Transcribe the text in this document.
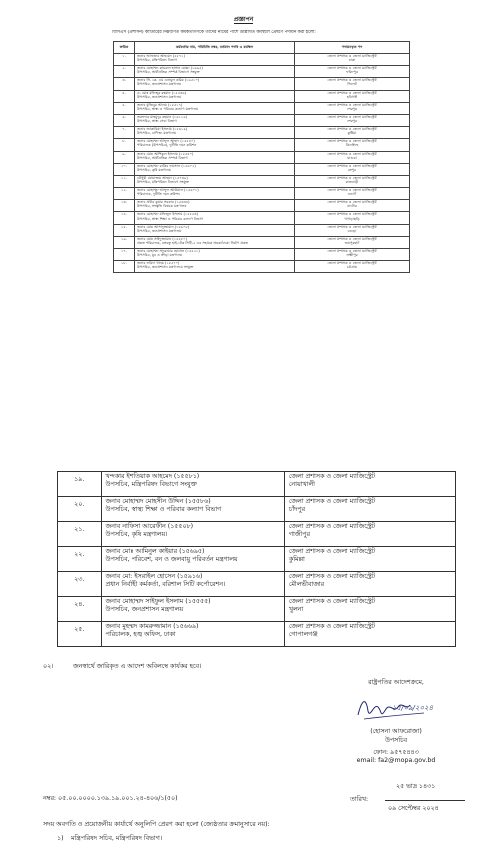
প্রজ্ঞাপন
বিসিএস (প্রশাসন) ক্যাডারের নিম্নবর্ণিত কর্মকর্তাগণকে তাঁদের নামের পাশে উল্লিখিত কর্মস্থলে প্রেষণে পদায়ন করা হলো:
ক্রমিক	কর্মকর্তার নাম, পরিচিতি নম্বর, বর্তমান পদবি ও কর্মস্থল	পদায়নকৃত পদ
১.	জনাব আফতাব আহমেদ (৫৫৭১)
উপসচিব, মন্ত্রিপরিষদ বিভাগ	জেলা প্রশাসক ও জেলা ম্যাজিস্ট্রেট
ঢাকা
২.	জনাব মোহাম্মদ কামরুল হাসান মোল্লা (১৬৯৫)
উপসচিব, অর্থনৈতিক সম্পর্ক বিভাগে সংযুক্ত	জেলা প্রশাসক ও জেলা ম্যাজিস্ট্রেট
ফরিদপুর
৩.	জনাব সি. কে. এম এনামুল করিম (১৬৫১০)
উপসচিব, জনপ্রশাসন মন্ত্রণালয়	জেলা প্রশাসক ও জেলা ম্যাজিস্ট্রেট
সিলেট
৪.	ড. মোঃ মফিজুর রহমান (১৫৫৩৬)
উপসচিব, জনপ্রশাসন মন্ত্রণালয়	জেলা প্রশাসক ও জেলা ম্যাজিস্ট্রেট
হবিগঞ্জ
৫.	জনাব মুজিবুর আলম (১৫৫১৭)
উপসচিব, স্বাস্থ্য ও পরিবার কল্যাণ মন্ত্রণালয়	জেলা প্রশাসক ও জেলা ম্যাজিস্ট্রেট
শেরপুর
৬.	তরফদার মাহমুদুর রহমান (১৬১১৬)
উপসচিব, স্বাস্থ্য সেবা বিভাগ	জেলা প্রশাসক ও জেলা ম্যাজিস্ট্রেট
শেরপুর
৭.	জনাব জাকারিয়া ইসলাম (১৫৬১৯)
উপসচিব, বাণিজ্য মন্ত্রণালয়	জেলা প্রশাসক ও জেলা ম্যাজিস্ট্রেট
কুষ্টিয়া
৮.	জনাব মোহাম্মদ আব্দুল আহাদ (১৫৫৪০)
পরিচালক (উপসচিব), দুর্নীতি দমন কমিশন	জেলা প্রশাসক ও জেলা ম্যাজিস্ট্রেট
ঝিনাইদহ
৯.	জনাব মোঃ আশিকুল ইসলাম (১৫৫৪০)
উপসচিব, অর্থনৈতিক সম্পর্ক বিভাগ	জেলা প্রশাসক ও জেলা ম্যাজিস্ট্রেট
মাগুরা
১০.	জনাব মোহাম্মদ রাকিব ফয়সাল (১৫৬০২)
উপসচিব, কৃষি মন্ত্রণালয়	জেলা প্রশাসক ও জেলা ম্যাজিস্ট্রেট
রংপুর
১১.	চৌধুরী মোয়াজ্জম আহমদ (১৫৭৩৯)
উপসচিব, মন্ত্রিপরিষদ বিভাগে সংযুক্ত	জেলা প্রশাসক ও জেলা ম্যাজিস্ট্রেট
রাজবাড়ী
১২.	জনাব মোহাম্মদ আব্দুল আউয়াল (১৫৬০১)
পরিচালক, দুর্নীতি দমন কমিশন	জেলা প্রশাসক ও জেলা ম্যাজিস্ট্রেট
নওগাঁ
১৩.	জনাব প্রবীর কুমার সরকার (১৫৬৩৪)
উপসচিব, সংস্কৃতি বিষয়ক মন্ত্রণালয়	জেলা প্রশাসক ও জেলা ম্যাজিস্ট্রেট
নাটোর
১৪.	জনাব মোহাম্মদ মফিজুল ইসলাম (১৫৫৫৩)
উপসচিব, স্বাস্থ্য শিক্ষা ও পরিবার কল্যাণ বিভাগ	জেলা প্রশাসক ও জেলা ম্যাজিস্ট্রেট
খাগড়াছড়ি
১৫.	জনাব মোঃ আসাদুজ্জামান (১৫৬০৮)
উপসচিব, জনপ্রশাসন মন্ত্রণালয়	জেলা প্রশাসক ও জেলা ম্যাজিস্ট্রেট
বগুড়া
১৬.	জনাব মোঃ সাইদুজ্জামান (১৫৫৮০)
প্রকল্প পরিচালক, বঙ্গবন্ধু হাই-টেক সিটি-২ এর সহায়ক অবকাঠামো নির্মাণ প্রকল্প	জেলা প্রশাসক ও জেলা ম্যাজিস্ট্রেট
জয়পুরহাট
১৭.	জনাব মোহাম্মদ সারোয়ার হোসেন (১৫৫২১)
উপসচিব, যুব ও ক্রীড়া মন্ত্রণালয়	জেলা প্রশাসক ও জেলা ম্যাজিস্ট্রেট
লক্ষ্মীপুর
১৮.	জনাব ফরিদা খানম (১৫৫৭০)
উপসচিব, জনপ্রশাসন মন্ত্রণালয়ে সংযুক্ত	জেলা প্রশাসক ও জেলা ম্যাজিস্ট্রেট
চট্টগ্রাম
১৯.	খন্দকার ইশতিয়াক আহমেদ (১৫৫৮১)
উপসচিব, মন্ত্রিপরিষদ বিভাগে সংযুক্ত	জেলা প্রশাসক ও জেলা ম্যাজিস্ট্রেট
নোয়াখালী
২০.	জনাব মোহাম্মদ মোহসীন উদ্দিন (১৫৫৮৬)
উপসচিব, স্বাস্থ্য শিক্ষা ও পরিবার কল্যাণ বিভাগ	জেলা প্রশাসক ও জেলা ম্যাজিস্ট্রেট
চাঁদপুর
২১.	জনাব নাফিসা আরেফীন (১৫৫০৮)
উপসচিব, কৃষি মন্ত্রণালয়।	জেলা প্রশাসক ও জেলা ম্যাজিস্ট্রেট
গাজীপুর
২২.	জনাব মোঃ আমিনুল কাইয়ার (১৫৬৯৫)
উপসচিব, পরিবেশ, বন ও জলবায়ু পরিবর্তন মন্ত্রণালয়	জেলা প্রশাসক ও জেলা ম্যাজিস্ট্রেট
কুমিল্লা
২৩.	জনাব মো: ইসরাইল হোসেন (১৫৯১৬)
প্রধান নির্বাহী কর্মকর্তা, বরিশাল সিটি কর্পোরেশন।	জেলা প্রশাসক ও জেলা ম্যাজিস্ট্রেট
মৌলভীবাজার
২৪.	জনাব মোহাম্মদ সাইফুল ইসলাম (১৫৫৫৫)
উপসচিব, জনপ্রশাসন মন্ত্রণালয়	জেলা প্রশাসক ও জেলা ম্যাজিস্ট্রেট
খুলনা
২৫.	জনাব মুহম্মদ কামরুজ্জামান (১৫৬৬৯)
পরিচালক, হজ্ব অফিস, ঢাকা	জেলা প্রশাসক ও জেলা ম্যাজিস্ট্রেট
গোপালগঞ্জ
০২।	জনস্বার্থে জারিকৃত এ আদেশ অবিলম্বে কার্যকর হবে।
রাষ্ট্রপতির আদেশক্রমে,
১৫/০৯/২০২৪
(হোসনা আফরোজা)
উপসচিব
ফোন: ৯৫৭৫৪৪৩
email: fa2@mopa.gov.bd
২৫ ভাদ্র ১৪৩১
নম্বর: ০৫.০০.০০০০.১৩৯.১৯.০০১.২৪-৪০৬/১(৫০)	তারিখ:
০৯ সেপ্টেম্বর ২০২৪
সদয় অবগতি ও প্রয়োজনীয় কার্যার্থে অনুলিপি প্রেরণ করা হলো (জ্যেষ্ঠতার ক্রমানুসারে নয়):
১) মন্ত্রিপরিষদ সচিব, মন্ত্রিপরিষদ বিভাগ।
